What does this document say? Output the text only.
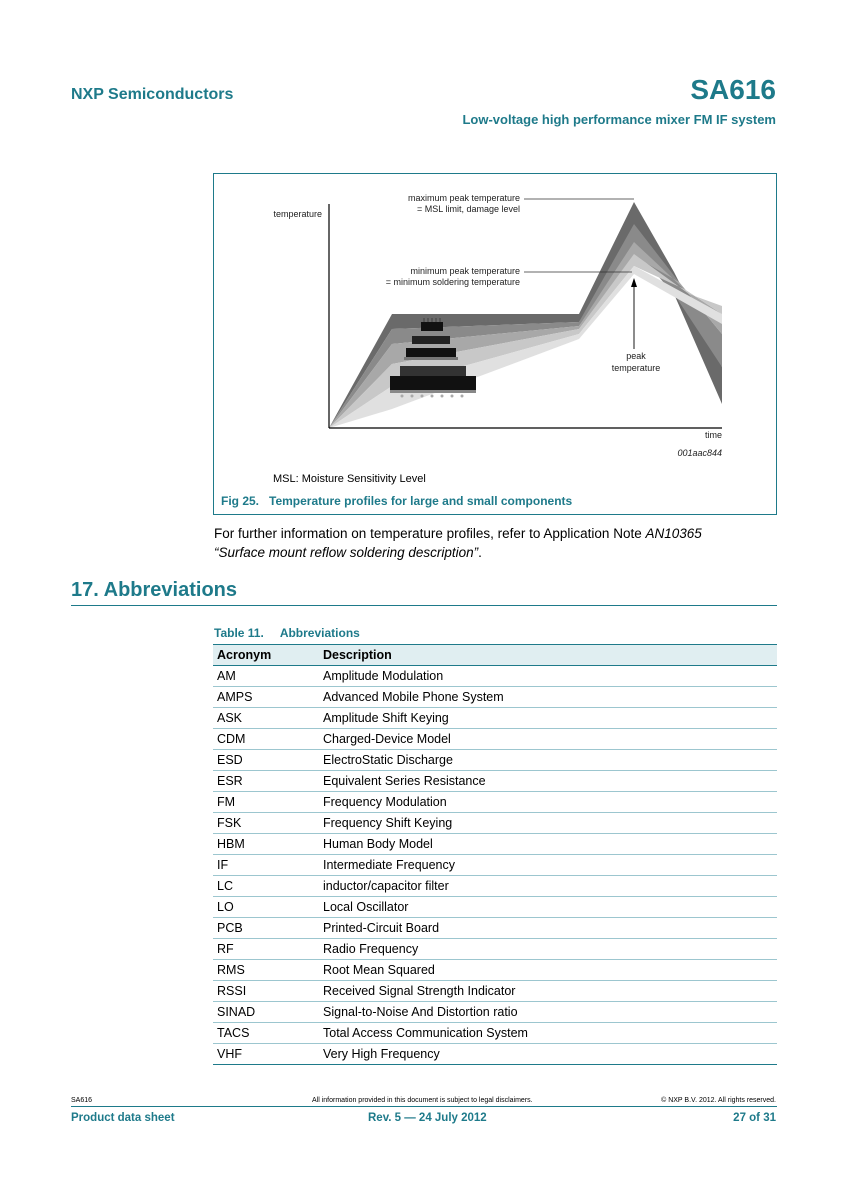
NXP Semiconductors	SA616
Low-voltage high performance mixer FM IF system
temperature
maximum peak temperature
= MSL limit, damage level
minimum peak temperature
= minimum soldering temperature
peak
temperature
time
001aac844
MSL: Moisture Sensitivity Level
Fig 25. Temperature profiles for large and small components
For further information on temperature profiles, refer to Application Note AN10365
“Surface mount reflow soldering description”.
17. Abbreviations
Table 11. Abbreviations
Acronym	Description
AM	Amplitude Modulation
AMPS	Advanced Mobile Phone System
ASK	Amplitude Shift Keying
CDM	Charged-Device Model
ESD	ElectroStatic Discharge
ESR	Equivalent Series Resistance
FM	Frequency Modulation
FSK	Frequency Shift Keying
HBM	Human Body Model
IF	Intermediate Frequency
LC	inductor/capacitor filter
LO	Local Oscillator
PCB	Printed-Circuit Board
RF	Radio Frequency
RMS	Root Mean Squared
RSSI	Received Signal Strength Indicator
SINAD	Signal-to-Noise And Distortion ratio
TACS	Total Access Communication System
VHF	Very High Frequency
SA616	All information provided in this document is subject to legal disclaimers.	© NXP B.V. 2012. All rights reserved.
Product data sheet	Rev. 5 — 24 July 2012	27 of 31
